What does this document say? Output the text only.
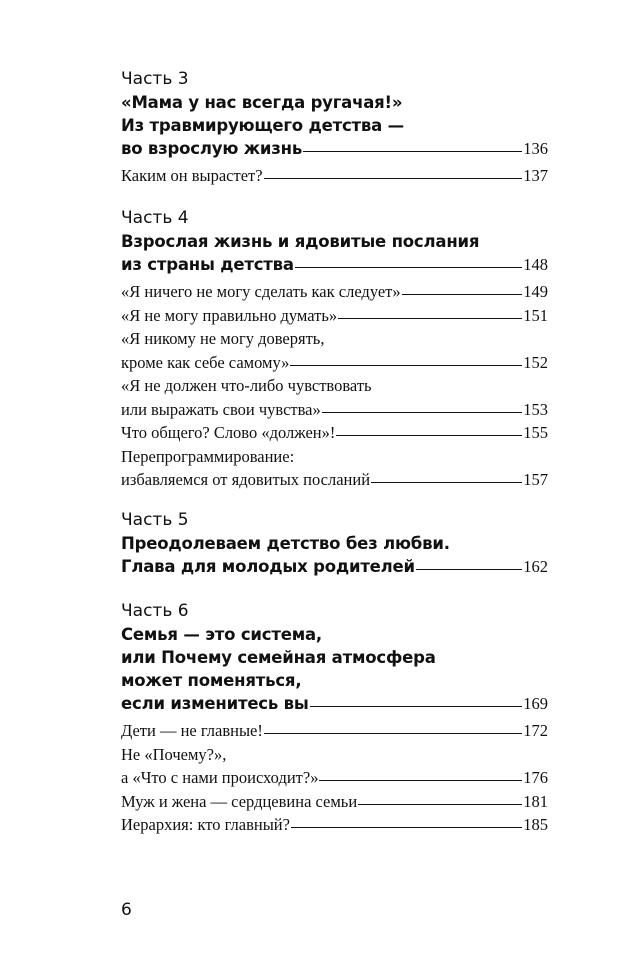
Часть 3
«Мама у нас всегда ругачая!»
Из травмирующего детства —
во взрослую жизнь	136
Каким он вырастет?	137
Часть 4
Взрослая жизнь и ядовитые послания
из страны детства	148
«Я ничего не могу сделать как следует»	149
«Я не могу правильно думать»	151
«Я никому не могу доверять,
кроме как себе самому»	152
«Я не должен что-либо чувствовать
или выражать свои чувства»	153
Что общего? Слово «должен»!	155
Перепрограммирование:
избавляемся от ядовитых посланий	157
Часть 5
Преодолеваем детство без любви.
Глава для молодых родителей	162
Часть 6
Семья — это система,
или Почему семейная атмосфера
может поменяться,
если изменитесь вы	169
Дети — не главные!	172
Не «Почему?»,
а «Что с нами происходит?»	176
Муж и жена — сердцевина семьи	181
Иерархия: кто главный?	185
6
